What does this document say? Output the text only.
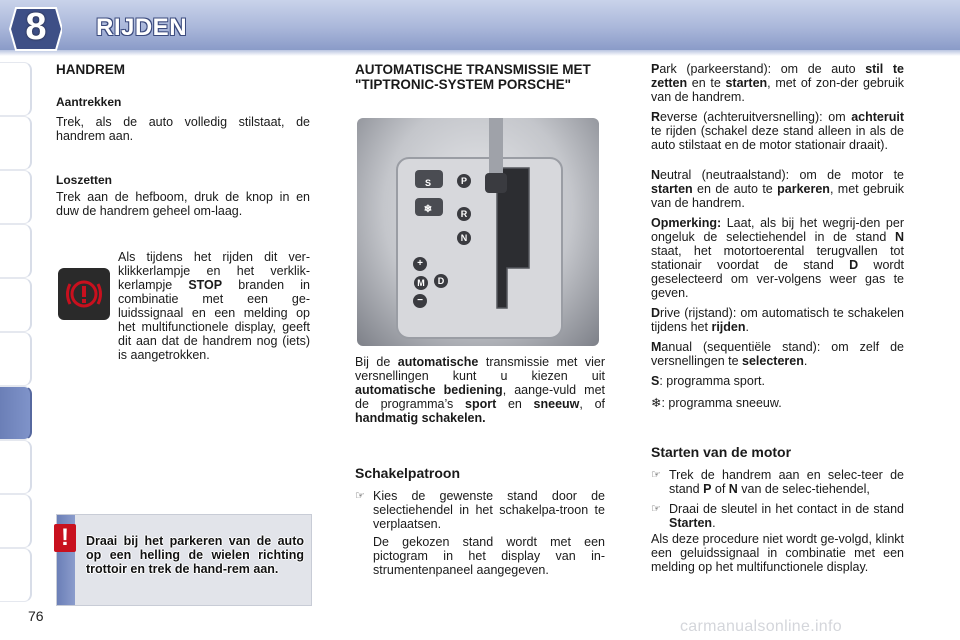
8	RIJDEN
HANDREM
Aantrekken

Trek, als de auto volledig stilstaat, de handrem aan.

Loszetten

Trek aan de hefboom, druk de knop in en duw de handrem geheel om-laag.

Als tijdens het rijden dit ver-klikkerlampje en het verklik-kerlampje STOP branden in combinatie met een ge-luidssignaal en een melding op het multifunctionele display, geeft dit aan dat de handrem nog (iets) is aangetrokken.

!	Draai bij het parkeren van de auto op een helling de wielen richting trottoir en trek de hand-rem aan.
AUTOMATISCHE TRANSMISSIE MET "TIPTRONIC-SYSTEM PORSCHE"
P
R
N
D
M
S
❄
+
−

Bij de automatische transmissie met vier versnellingen kunt u kiezen uit automatische bediening, aange-vuld met de programma’s sport en sneeuw, of handmatig schakelen.

Schakelpatroon
☞ Kies de gewenste stand door de selectiehendel in het schakelpa-troon te verplaatsen.

De gekozen stand wordt met een pictogram in het display van in-strumentenpaneel aangegeven.

Park (parkeerstand): om de auto stil te zetten en te starten, met of zon-der gebruik van de handrem.

Reverse (achteruitversnelling): om achteruit te rijden (schakel deze stand alleen in als de auto stilstaat en de motor stationair draait).

Neutral (neutraalstand): om de motor te starten en de auto te parkeren, met gebruik van de handrem.

Opmerking: Laat, als bij het wegrij-den per ongeluk de selectiehendel in de stand N staat, het motortoerental terugvallen tot stationair voordat de stand D wordt geselecteerd om ver-volgens weer gas te geven.

Drive (rijstand): om automatisch te schakelen tijdens het rijden.

Manual (sequentiële stand): om zelf de versnellingen te selecteren.

S: programma sport.

❄: programma sneeuw.

Starten van de motor
☞ Trek de handrem aan en selec-teer de stand P of N van de selec-tiehendel,
☞ Draai de sleutel in het contact in de stand Starten.

Als deze procedure niet wordt ge-volgd, klinkt een geluidssignaal in combinatie met een melding op het multifunctionele display.

76
carmanualsonline.info
